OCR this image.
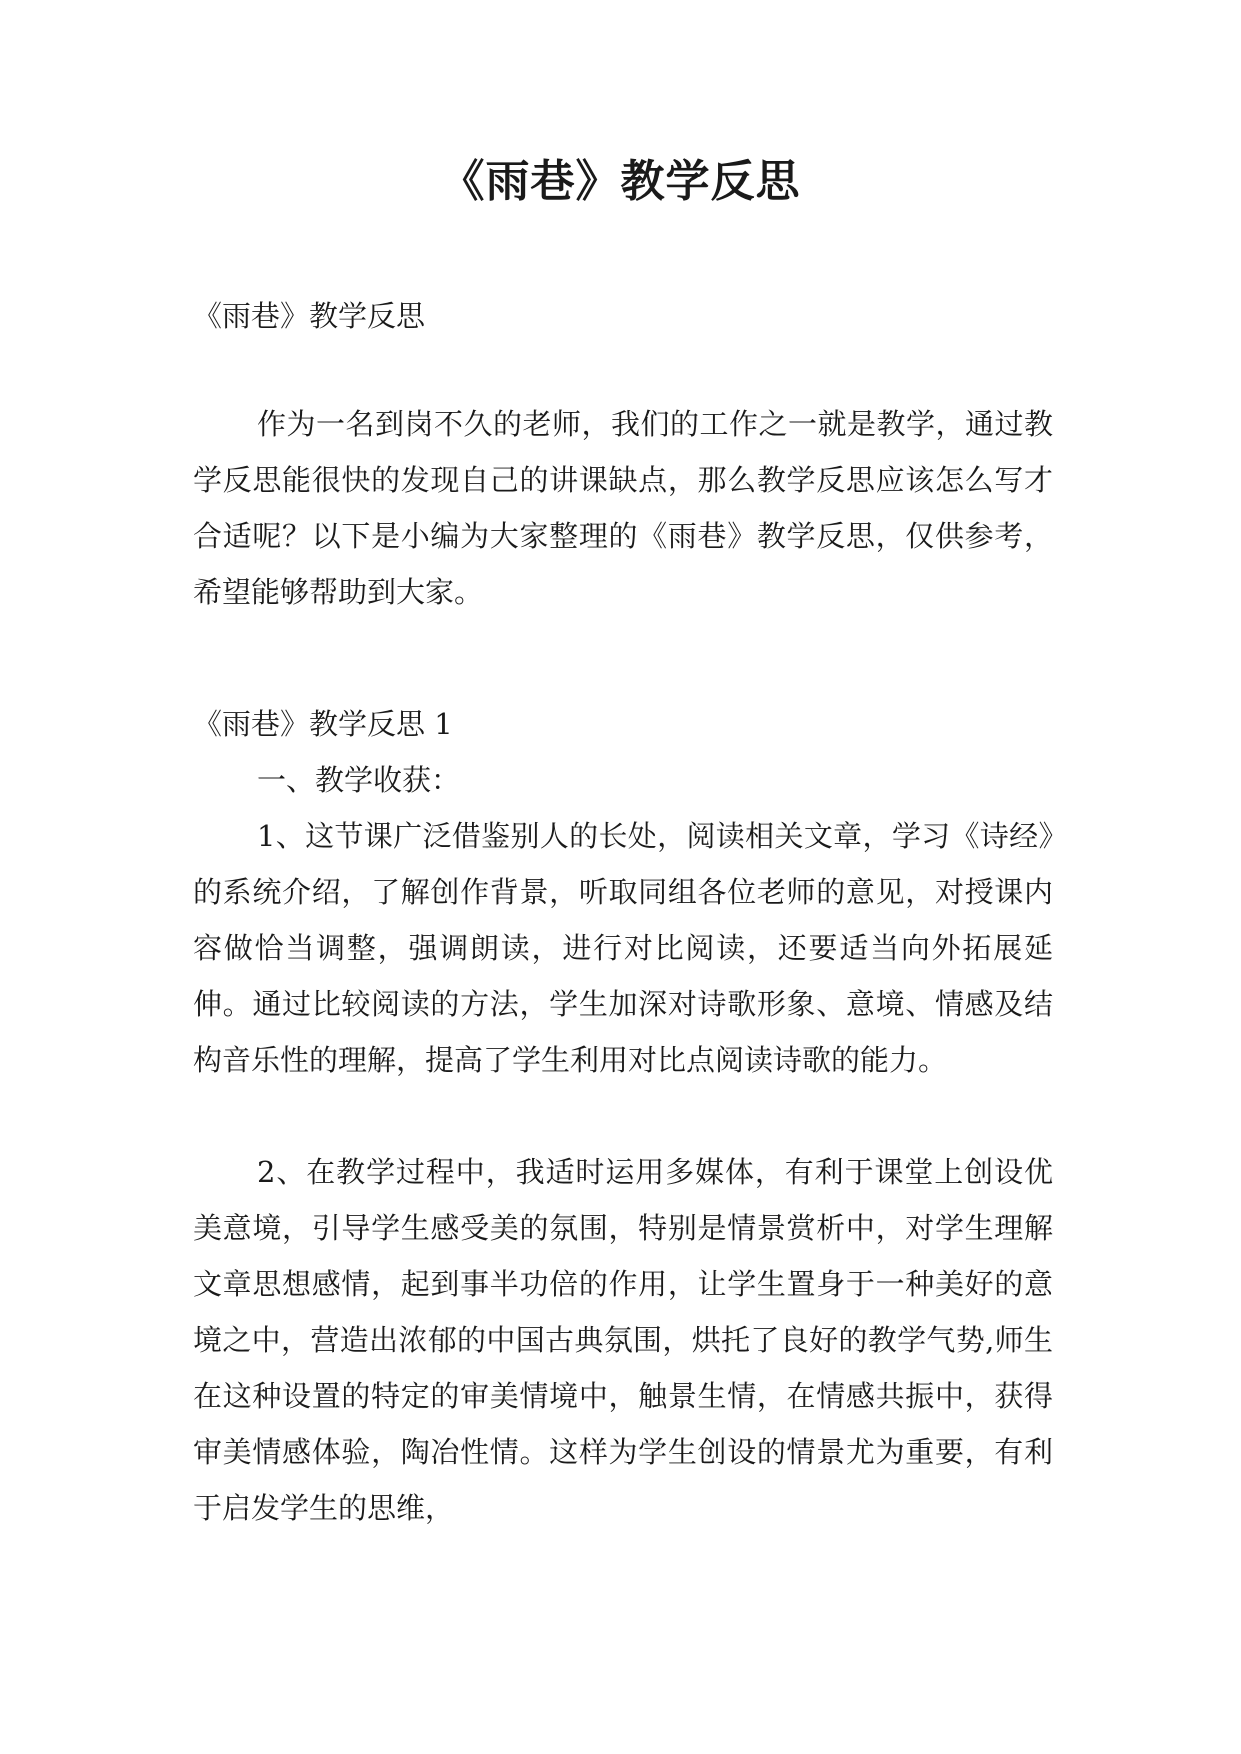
《雨巷》教学反思

《雨巷》教学反思

作为一名到岗不久的老师，我们的工作之一就是教学，通过教学反思能很快的发现自己的讲课缺点，那么教学反思应该怎么写才合适呢？以下是小编为大家整理的《雨巷》教学反思，仅供参考，希望能够帮助到大家。

《雨巷》教学反思 1

一、教学收获：

1、这节课广泛借鉴别人的长处，阅读相关文章，学习《诗经》的系统介绍，了解创作背景，听取同组各位老师的意见，对授课内容做恰当调整，强调朗读，进行对比阅读，还要适当向外拓展延伸。通过比较阅读的方法，学生加深对诗歌形象、意境、情感及结构音乐性的理解，提高了学生利用对比点阅读诗歌的能力。

2、在教学过程中，我适时运用多媒体，有利于课堂上创设优美意境，引导学生感受美的氛围，特别是情景赏析中，对学生理解文章思想感情，起到事半功倍的作用，让学生置身于一种美好的意境之中，营造出浓郁的中国古典氛围，烘托了良好的教学气势,师生在这种设置的特定的审美情境中，触景生情，在情感共振中，获得审美情感体验，陶冶性情。这样为学生创设的情景尤为重要，有利于启发学生的思维，
